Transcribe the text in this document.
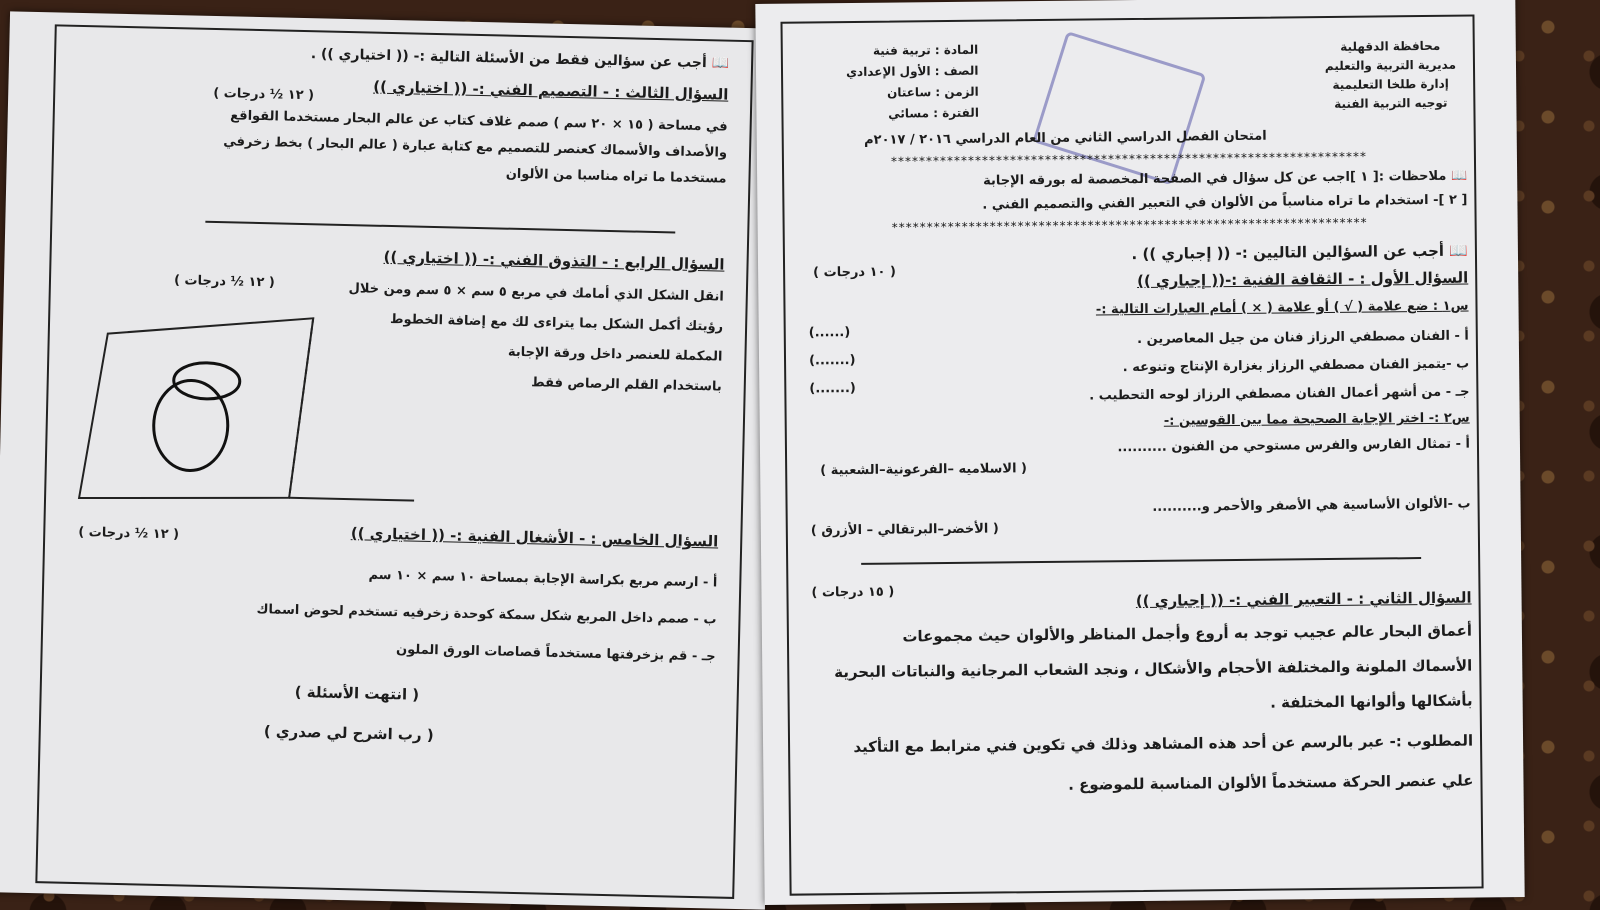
📖 أجب عن سؤالين فقط من الأسئلة التالية :- (( اختياري )) .
السؤال الثالث : - التصميم الفني :- (( اختياري ))
( ١٢ ½ درجات )
في مساحة ( ١٥ × ٢٠ سم ) صمم غلاف كتاب عن عالم البحار مستخدما القواقع
والأصداف والأسماك كعنصر للتصميم مع كتابة عبارة ( عالم البحار ) بخط زخرفي
مستخدما ما تراه مناسبا من الألوان
السؤال الرابع : - التذوق الفني :- (( اختياري ))
( ١٢ ½ درجات )	انقل الشكل الذي أمامك في مربع ٥ سم × ٥ سم ومن خلال
رؤيتك أكمل الشكل بما يتراءى لك مع إضافة الخطوط
المكملة للعنصر داخل ورقة الإجابة
باستخدام القلم الرصاص فقط
السؤال الخامس : - الأشغال الفنية :- (( اختياري ))
( ١٢ ½ درجات )
أ - ارسم مربع بكراسة الإجابة بمساحة ١٠ سم × ١٠ سم
ب - صمم داخل المربع شكل سمكة كوحدة زخرفيه تستخدم لحوض اسماك
جـ - قم بزخرفتها مستخدماً قصاصات الورق الملون
( انتهت الأسئلة )
( رب اشرح لي صدري )
محافظة الدقهلية
مديرية التربية والتعليم
إدارة طلخا التعليمية
توجيه التربية الفنية
المادة : تربية فنية
الصف : الأول الإعدادي
الزمن : ساعتان
الفترة : مسائي
امتحان الفصل الدراسي الثاني من العام الدراسي ٢٠١٦ / ٢٠١٧م
********************************************************************
📖 ملاحظات :[ ١ ]اجب عن كل سؤال في الصفحة المخصصة له بورقه الإجابة
[ ٢ ]- استخدام ما تراه مناسباً من الألوان في التعبير الفني والتصميم الفني .
********************************************************************
📖 أجب عن السؤالين التاليين :- (( إجباري )) .
السؤال الأول : - الثقافة الفنية :-(( إجباري ))
( ١٠ درجات )
س١ : ضع علامة ( √ ) أو علامة ( × ) أمام العبارات التالية :-
أ - الفنان مصطفي الرزاز فنان من جيل المعاصرين .
ب -يتميز الفنان مصطفي الرزاز بغزارة الإنتاج وتنوعه .
جـ - من أشهر أعمال الفنان مصطفي الرزاز لوحه التحطيب .
(......)
(.......)
(.......)
س٢ :- اختر الإجابة الصحيحة مما بين القوسين :-
أ - تمثال الفارس والفرس مستوحي من الفنون ..........
( الاسلاميه –الفرعونية–الشعبية )
ب -الألوان الأساسية هي الأصفر والأحمر و..........
( الأخضر–البرتقالي – الأزرق )
السؤال الثاني : - التعبير الفني :- (( إجباري ))
( ١٥ درجات )
أعماق البحار عالم عجيب توجد به أروع وأجمل المناظر والألوان حيث مجموعات
الأسماك الملونة والمختلفة الأحجام والأشكال ، ونجد الشعاب المرجانية والنباتات البحرية
بأشكالها وألوانها المختلفة .
المطلوب :- عبر بالرسم عن أحد هذه المشاهد وذلك في تكوين فني مترابط مع التأكيد
علي عنصر الحركة مستخدماً الألوان المناسبة للموضوع .
